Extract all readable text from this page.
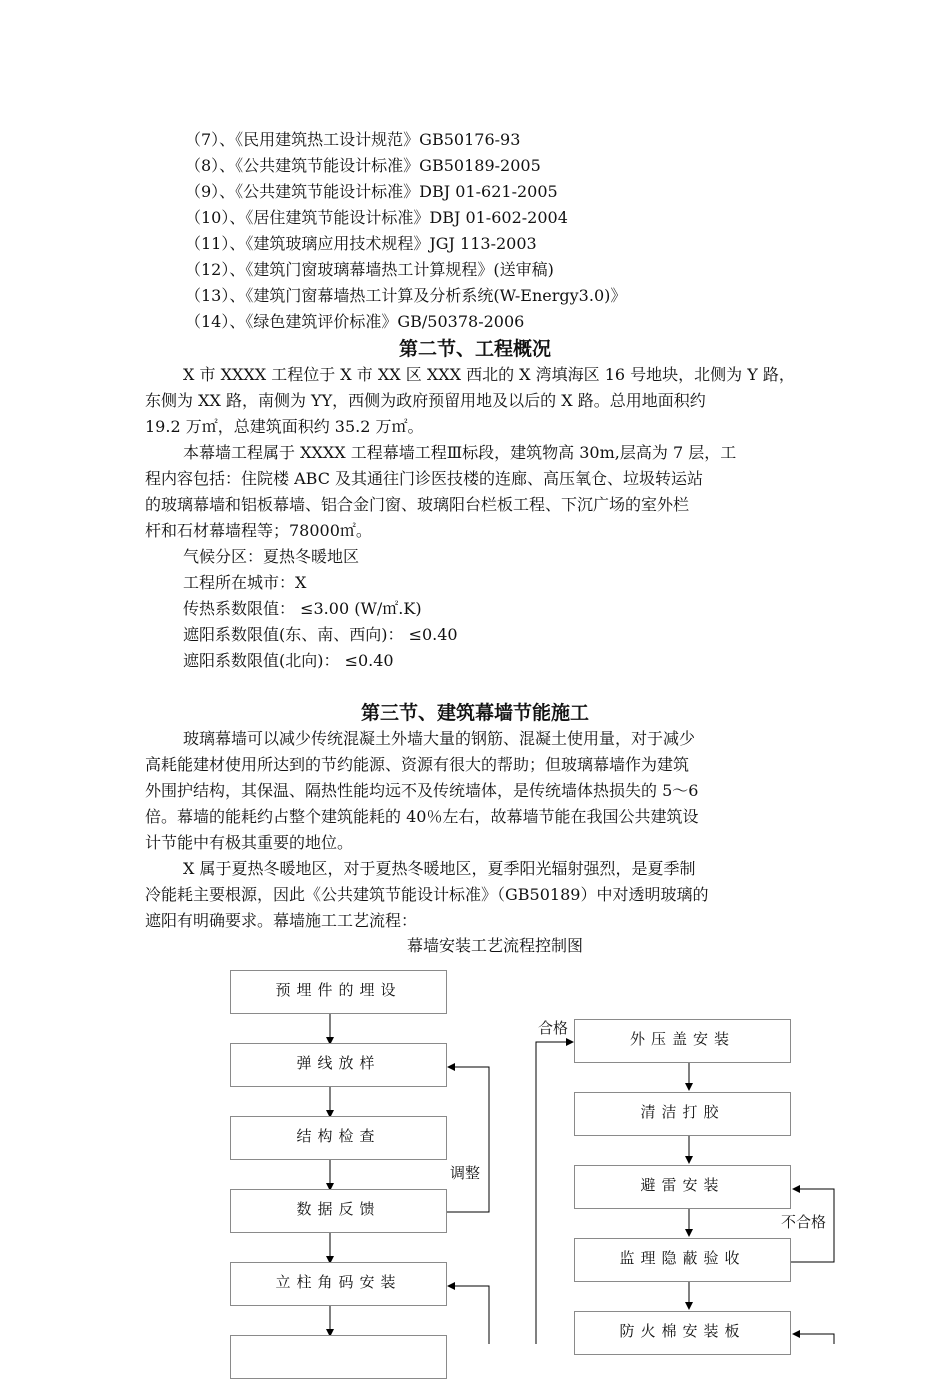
（7）、《民用建筑热工设计规范》GB50176-93
（8）、《公共建筑节能设计标准》GB50189-2005
（9）、《公共建筑节能设计标准》DBJ 01-621-2005
（10）、《居住建筑节能设计标准》DBJ 01-602-2004
（11）、《建筑玻璃应用技术规程》JGJ 113-2003
（12）、《建筑门窗玻璃幕墙热工计算规程》(送审稿)
（13）、《建筑门窗幕墙热工计算及分析系统(W-Energy3.0)》
（14）、《绿色建筑评价标准》GB/50378-2006
第二节、工程概况
X 市 XXXX 工程位于 X 市 XX 区 XXX 西北的 X 湾填海区 16 号地块，北侧为 Y 路，
东侧为 XX 路，南侧为 YY，西侧为政府预留用地及以后的 X 路。总用地面积约
19.2 万㎡，总建筑面积约 35.2 万㎡。
本幕墙工程属于 XXXX 工程幕墙工程Ⅲ标段，建筑物高 30m,层高为 7 层，工
程内容包括：住院楼 ABC 及其通往门诊医技楼的连廊、高压氧仓、垃圾转运站
的玻璃幕墙和铝板幕墙、铝合金门窗、玻璃阳台栏板工程、下沉广场的室外栏
杆和石材幕墙程等；78000㎡。
气候分区：夏热冬暖地区
工程所在城市：X
传热系数限值： ≤3.00 (W/㎡.K)
遮阳系数限值(东、南、西向)： ≤0.40
遮阳系数限值(北向)： ≤0.40
第三节、建筑幕墙节能施工
玻璃幕墙可以减少传统混凝土外墙大量的钢筋、混凝土使用量，对于减少
高耗能建材使用所达到的节约能源、资源有很大的帮助；但玻璃幕墙作为建筑
外围护结构，其保温、隔热性能均远不及传统墙体，是传统墙体热损失的 5～6
倍。幕墙的能耗约占整个建筑能耗的 40％左右，故幕墙节能在我国公共建筑设
计节能中有极其重要的地位。
X 属于夏热冬暖地区，对于夏热冬暖地区，夏季阳光辐射强烈，是夏季制
冷能耗主要根源，因此《公共建筑节能设计标准》（GB50189）中对透明玻璃的
遮阳有明确要求。幕墙施工工艺流程：
幕墙安装工艺流程控制图
预埋件的埋设
弹线放样
结构检查
数据反馈
立柱角码安装
外压盖安装
清洁打胶
避雷安装
监理隐蔽验收
防火棉安装板
调整
合格
不合格
